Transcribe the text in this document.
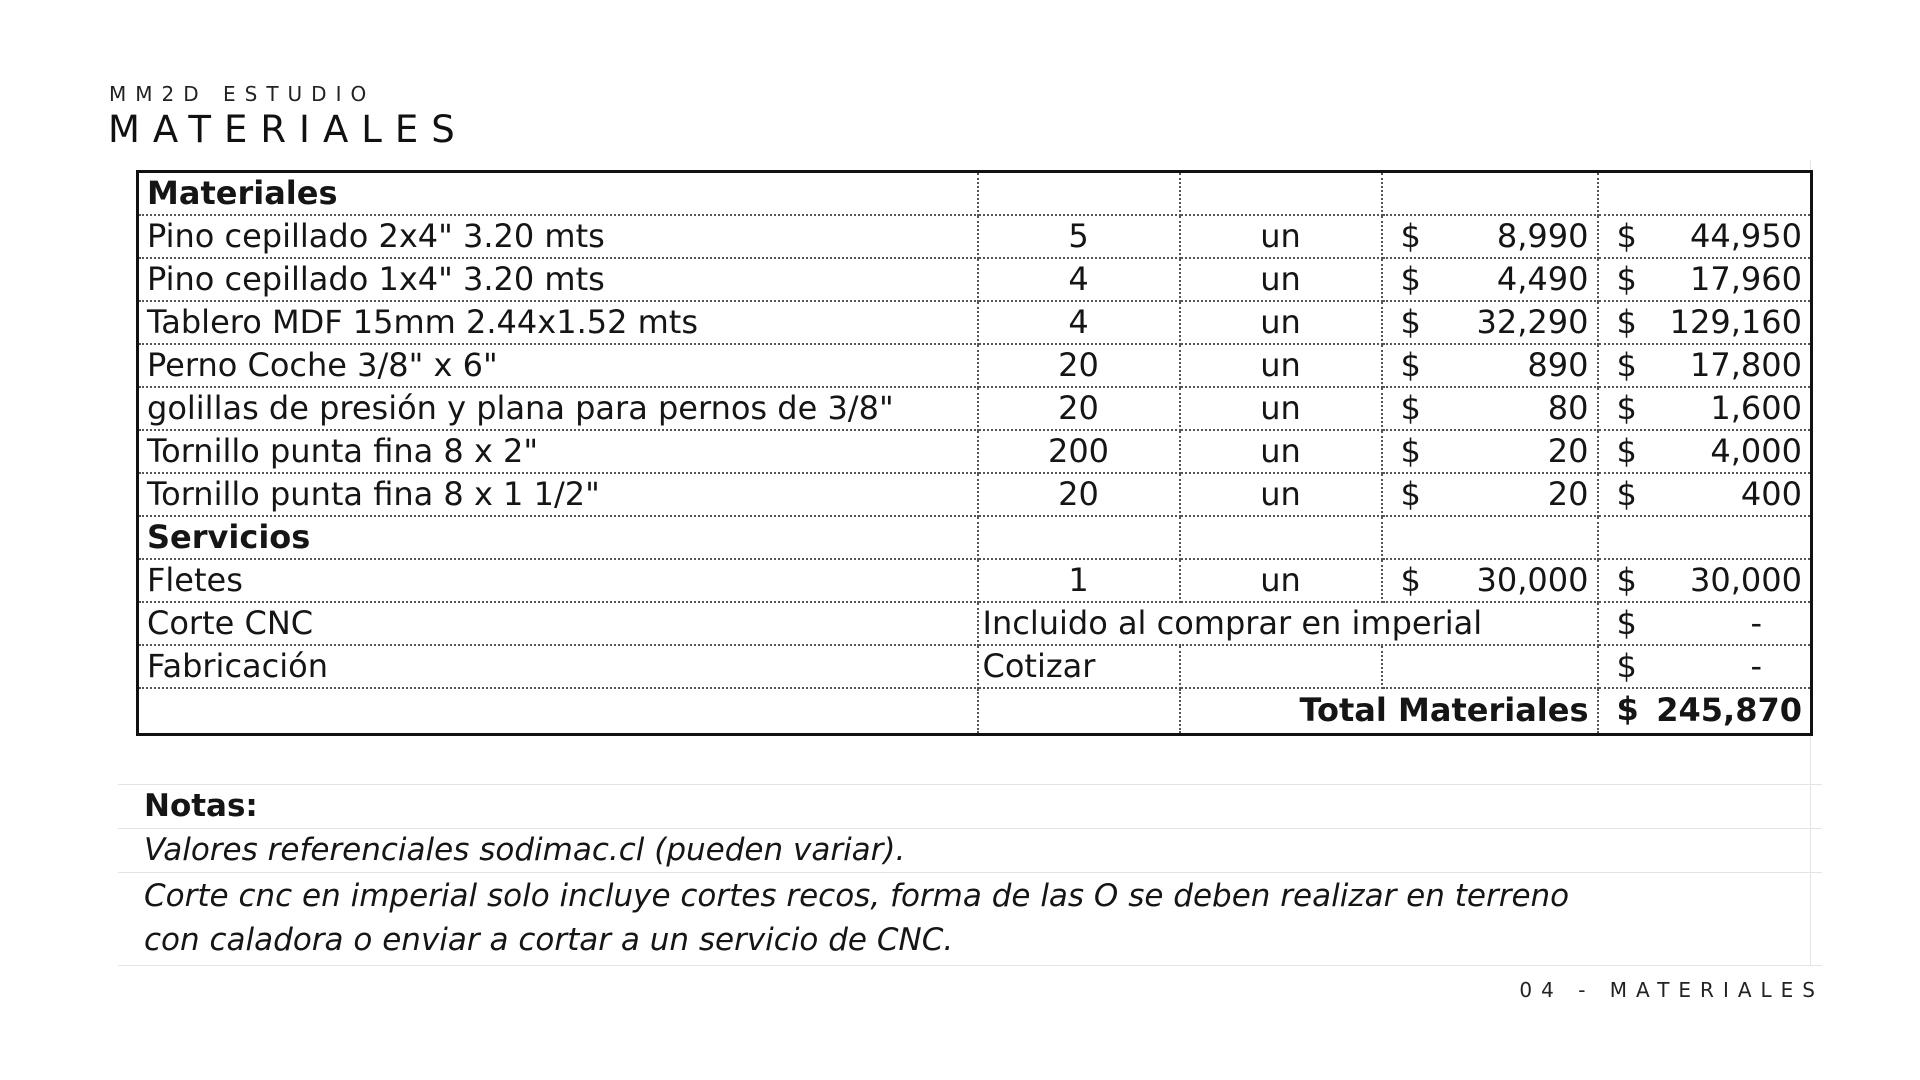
MM2D ESTUDIO
MATERIALES
Materiales				
Pino cepillado 2x4" 3.20 mts	5	un	$ 8,990	$ 44,950

Pino cepillado 1x4" 3.20 mts	4	un	$ 4,490	$ 17,960

Tablero MDF 15mm 2.44x1.52 mts	4	un	$ 32,290	$ 129,160

Perno Coche 3/8" x 6"	20	un	$ 890	$ 17,800

golillas de presión y plana para pernos de 3/8"	20	un	$ 80	$ 1,600

Tornillo punta fina 8 x 2"	200	un	$ 20	$ 4,000

Tornillo punta fina 8 x 1 1/2"	20	un	$ 20	$ 400

Servicios				
Fletes	1	un	$ 30,000	$ 30,000

Corte CNC	Incluido al comprar en imperial			$ -

Fabricación	Cotizar			$ -

		Total Materiales		$ 245,870
Notas:
Valores referenciales sodimac.cl (pueden variar).
Corte cnc en imperial solo incluye cortes recos, forma de las O se deben realizar en terreno
con caladora o enviar a cortar a un servicio de CNC.
04 - MATERIALES
